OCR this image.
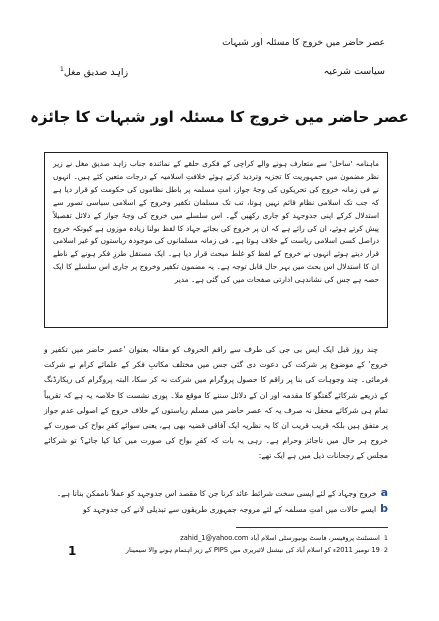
عصر حاضر میں خروج کا مسئلہ اور شبہات
سیاست شرعیہ
زاہد صدیق مغل$^1$
عصر حاضر میں خروج کا مسئلہ اور شبہات کا جائزہ
ماہنامہ 'ساحل' سے متعارف ہونے والے کراچی کے فکری حلقے کے نمائندہ جناب زاہد صدیق مغل نے زیر نظر مضمون میں جمہوریت کا تجزیہ وتردید کرتے ہوئے خلافتِ اسلامیہ کے درجات متعین کئے ہیں۔ انہوں نے فی زمانہ خروج کی تحریکوں کی وجۂ جواز، امتِ مسلمہ پر باطل نظاموں کی حکومت کو قرار دیا ہے کہ جب تک اسلامی نظام قائم نہیں ہوتا، تب تک مسلمان تکفیر وخروج کے اسلامی سیاسی تصور سے استدلال کرکے اپنی جدوجہد کو جاری رکھیں گے۔ اس سلسلے میں خروج کی وجۂ جواز کے دلائل تفصیلاً پیش کرتے ہوئے، ان کی رائے ہے کہ ان پر خروج کی بجائے جہاد کا لفظ بولنا زیادہ موزوں ہے کیونکہ خروج دراصل کسی اسلامی ریاست کے خلاف ہوتا ہے۔ فی زمانہ مسلمانوں کی موجودہ ریاستوں کو غیر اسلامی قرار دیتے ہوئے انہوں نے خروج کے لفظ کو غلط مبحث قرار دیا ہے۔ ایک مستقل طرزِ فکر ہونے کے ناطے ان کا استدلال اس بحث میں بہر حال قابل توجہ ہے۔ یہ مضمون تکفیر وخروج پر جاری اس سلسلے کا ایک حصہ ہے جس کی نشاندہی ادارتی صفحات میں کی گئی ہے۔ مدیر

چند روز قبل ایک ایس بی جی کی طرف سے راقم الحروف کو مقالہ بعنوان 'عصر حاضر میں تکفیر و خروج' کے موضوع پر شرکت کی دعوت دی گئی جس میں مختلف مکاتبِ فکر کے علمائے کرام نے شرکت فرمائی۔ چند وجوہات کی بنا پر راقم کا حصول پروگرام میں شرکت نہ کر سکا، البتہ پروگرام کی ریکارڈنگ کے ذریعے شرکائے گفتگو کا مقدمہ اور ان کے دلائل سننے کا موقع ملا۔ پوری نشست کا خلاصہ یہ ہے کہ تقریباً تمام ہی شرکائے محفل نہ صرف یہ کہ عصر حاضر میں مسلم ریاستوں کے خلاف خروج کے اصولی عدم جواز پر متفق ہیں بلکہ قریب قریب ان کا یہ نظریہ ایک آفاقی قضیہ بھی ہے، یعنی سوائے کفرِ بواح کی صورت کے خروج ہر حال میں ناجائز وحرام ہے۔ رہی یہ بات کہ کفرِ بواح کی صورت میں کیا کیا جائے؟ تو شرکائے مجلس کے رجحانات ذیل میں ہے ایک تھے:

a
خروج وجہاد کے لئے ایسی سخت شرائط عائد کرنا جن کا مقصد اس جدوجہد کو عملاً ناممکن بنانا ہے۔
b
ایسے حالات میں امتِ مسلمہ کے لئے مروجہ جمہوری طریقوں سے تبدیلی لانے کی جدوجہد کو
1
اسسٹنٹ پروفیسر، فاسٹ یونیورسٹی اسلام آباد zahid_1@yahoo.com
2
19 نومبر 2011ء کو اسلام آباد کی نیشنل لائبریری میں PIPS کے زیر اہتمام ہونے والا سیمینار
1
